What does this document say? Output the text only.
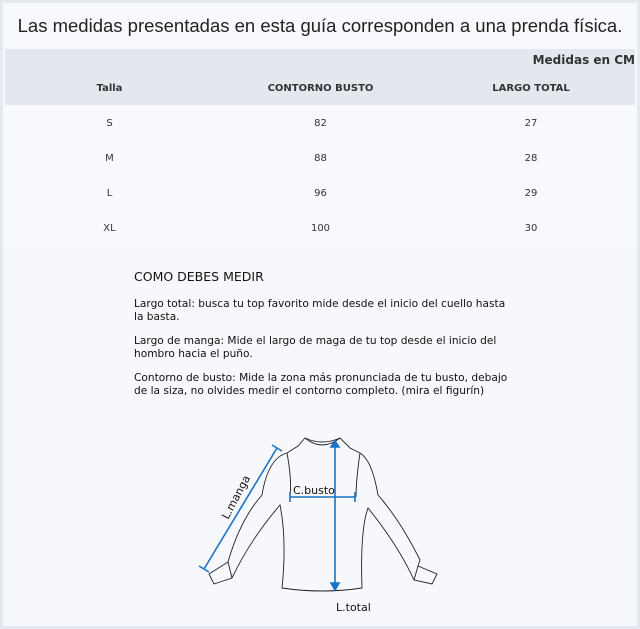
Las medidas presentadas en esta guía corresponden a una prenda física.
Medidas en CM
Talla	CONTORNO BUSTO	LARGO TOTAL
S	82	27
M	88	28
L	96	29
XL	100	30
COMO DEBES MEDIR

Largo total: busca tu top favorito mide desde el inicio del cuello hasta la basta.

Largo de manga: Mide el largo de maga de tu top desde el inicio del hombro hacia el puño.

Contorno de busto: Mide la zona más pronunciada de tu busto, debajo de la siza, no olvides medir el contorno completo. (mira el figurín)

L.manga	C.busto
L.total
